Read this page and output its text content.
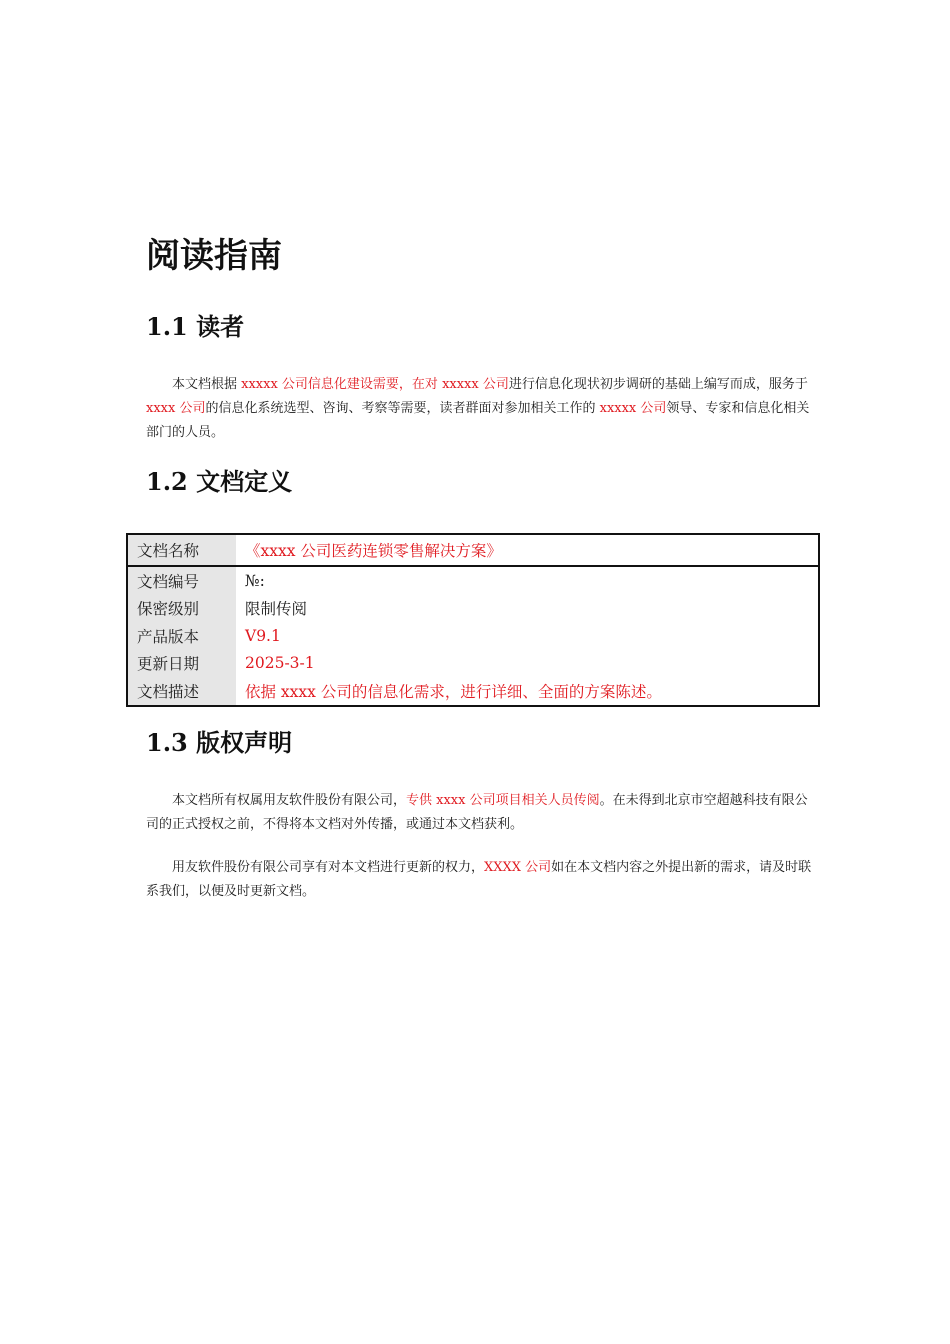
阅读指南
1.1 读者

本文档根据 xxxxx 公司信息化建设需要，在对 xxxxx 公司进行信息化现状初步调研的基础上编写而成，服务于 xxxx 公司的信息化系统选型、咨询、考察等需要，读者群面对参加相关工作的 xxxxx 公司领导、专家和信息化相关部门的人员。

1.2 文档定义
文档名称	《xxxx 公司医药连锁零售解决方案》
文档编号	№:
保密级别	限制传阅
产品版本	V9.1
更新日期	2025-3-1
文档描述	依据 xxxx 公司的信息化需求，进行详细、全面的方案陈述。
1.3 版权声明

本文档所有权属用友软件股份有限公司，专供 xxxx 公司项目相关人员传阅。在未得到北京市空超越科技有限公司的正式授权之前，不得将本文档对外传播，或通过本文档获利。

用友软件股份有限公司享有对本文档进行更新的权力，XXXX 公司如在本文档内容之外提出新的需求，请及时联系我们，以便及时更新文档。
